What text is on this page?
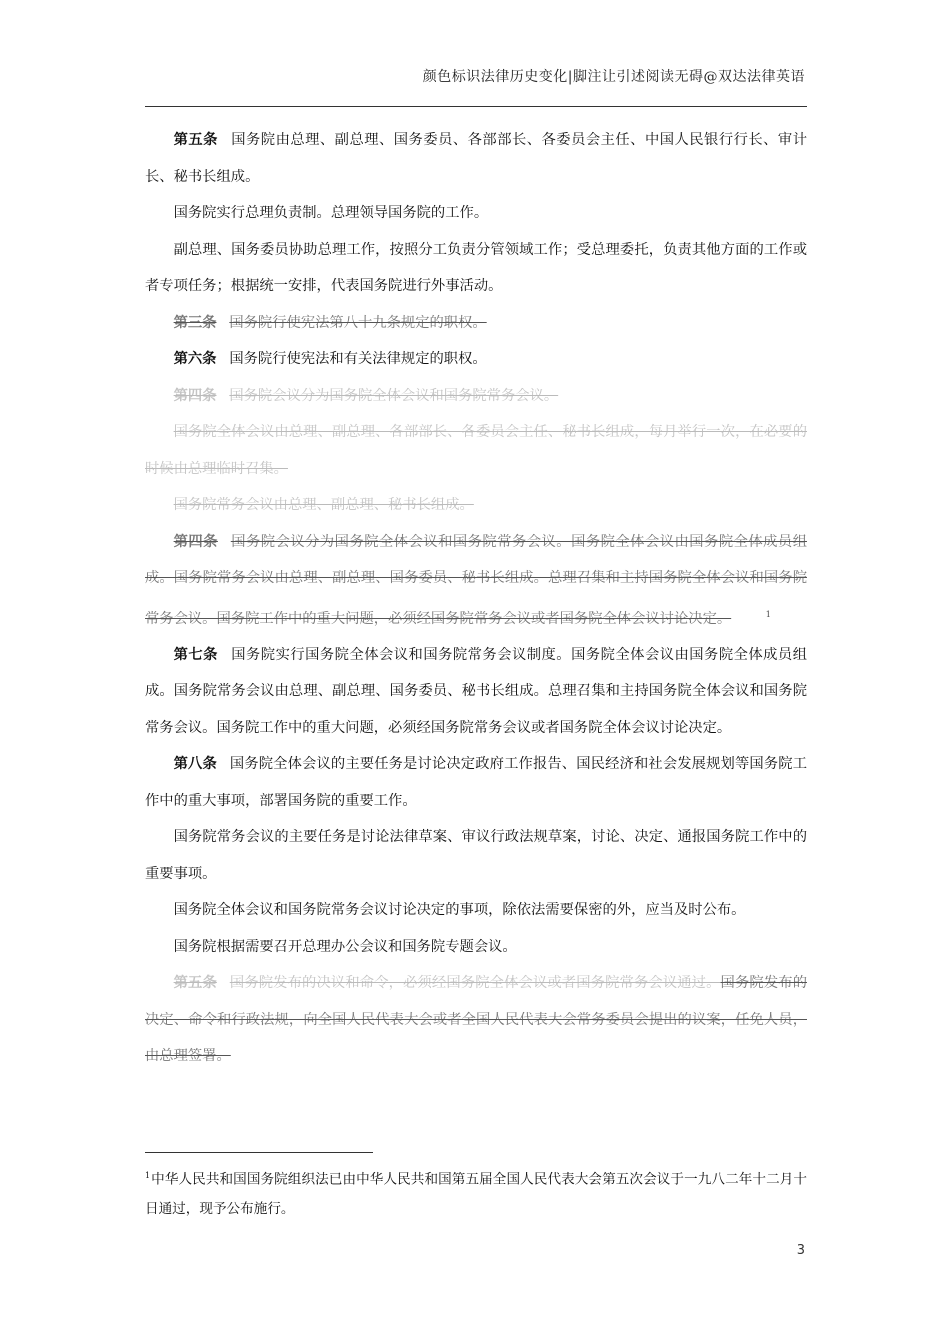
颜色标识法律历史变化|脚注让引述阅读无碍@双达法律英语

第五条 国务院由总理、副总理、国务委员、各部部长、各委员会主任、中国人民银行行长、审计长、秘书长组成。

国务院实行总理负责制。总理领导国务院的工作。

副总理、国务委员协助总理工作，按照分工负责分管领域工作；受总理委托，负责其他方面的工作或者专项任务；根据统一安排，代表国务院进行外事活动。

第三条 国务院行使宪法第八十九条规定的职权。

第六条 国务院行使宪法和有关法律规定的职权。

第四条 国务院会议分为国务院全体会议和国务院常务会议。

国务院全体会议由总理、副总理、各部部长、各委员会主任、秘书长组成，每月举行一次，在必要的时候由总理临时召集。

国务院常务会议由总理、副总理、秘书长组成。

第四条 国务院会议分为国务院全体会议和国务院常务会议。国务院全体会议由国务院全体成员组成。国务院常务会议由总理、副总理、国务委员、秘书长组成。总理召集和主持国务院全体会议和国务院常务会议。国务院工作中的重大问题，必须经国务院常务会议或者国务院全体会议讨论决定。	1

第七条 国务院实行国务院全体会议和国务院常务会议制度。国务院全体会议由国务院全体成员组成。国务院常务会议由总理、副总理、国务委员、秘书长组成。总理召集和主持国务院全体会议和国务院常务会议。国务院工作中的重大问题，必须经国务院常务会议或者国务院全体会议讨论决定。

第八条 国务院全体会议的主要任务是讨论决定政府工作报告、国民经济和社会发展规划等国务院工作中的重大事项，部署国务院的重要工作。

国务院常务会议的主要任务是讨论法律草案、审议行政法规草案，讨论、决定、通报国务院工作中的重要事项。

国务院全体会议和国务院常务会议讨论决定的事项，除依法需要保密的外，应当及时公布。

国务院根据需要召开总理办公会议和国务院专题会议。

第五条 国务院发布的决议和命令，必须经国务院全体会议或者国务院常务会议通过。国务院发布的决定、命令和行政法规，向全国人民代表大会或者全国人民代表大会常务委员会提出的议案，任免人员，由总理签署。

$^1$中华人民共和国国务院组织法已由中华人民共和国第五届全国人民代表大会第五次会议于一九八二年十二月十日通过，现予公布施行。
3
